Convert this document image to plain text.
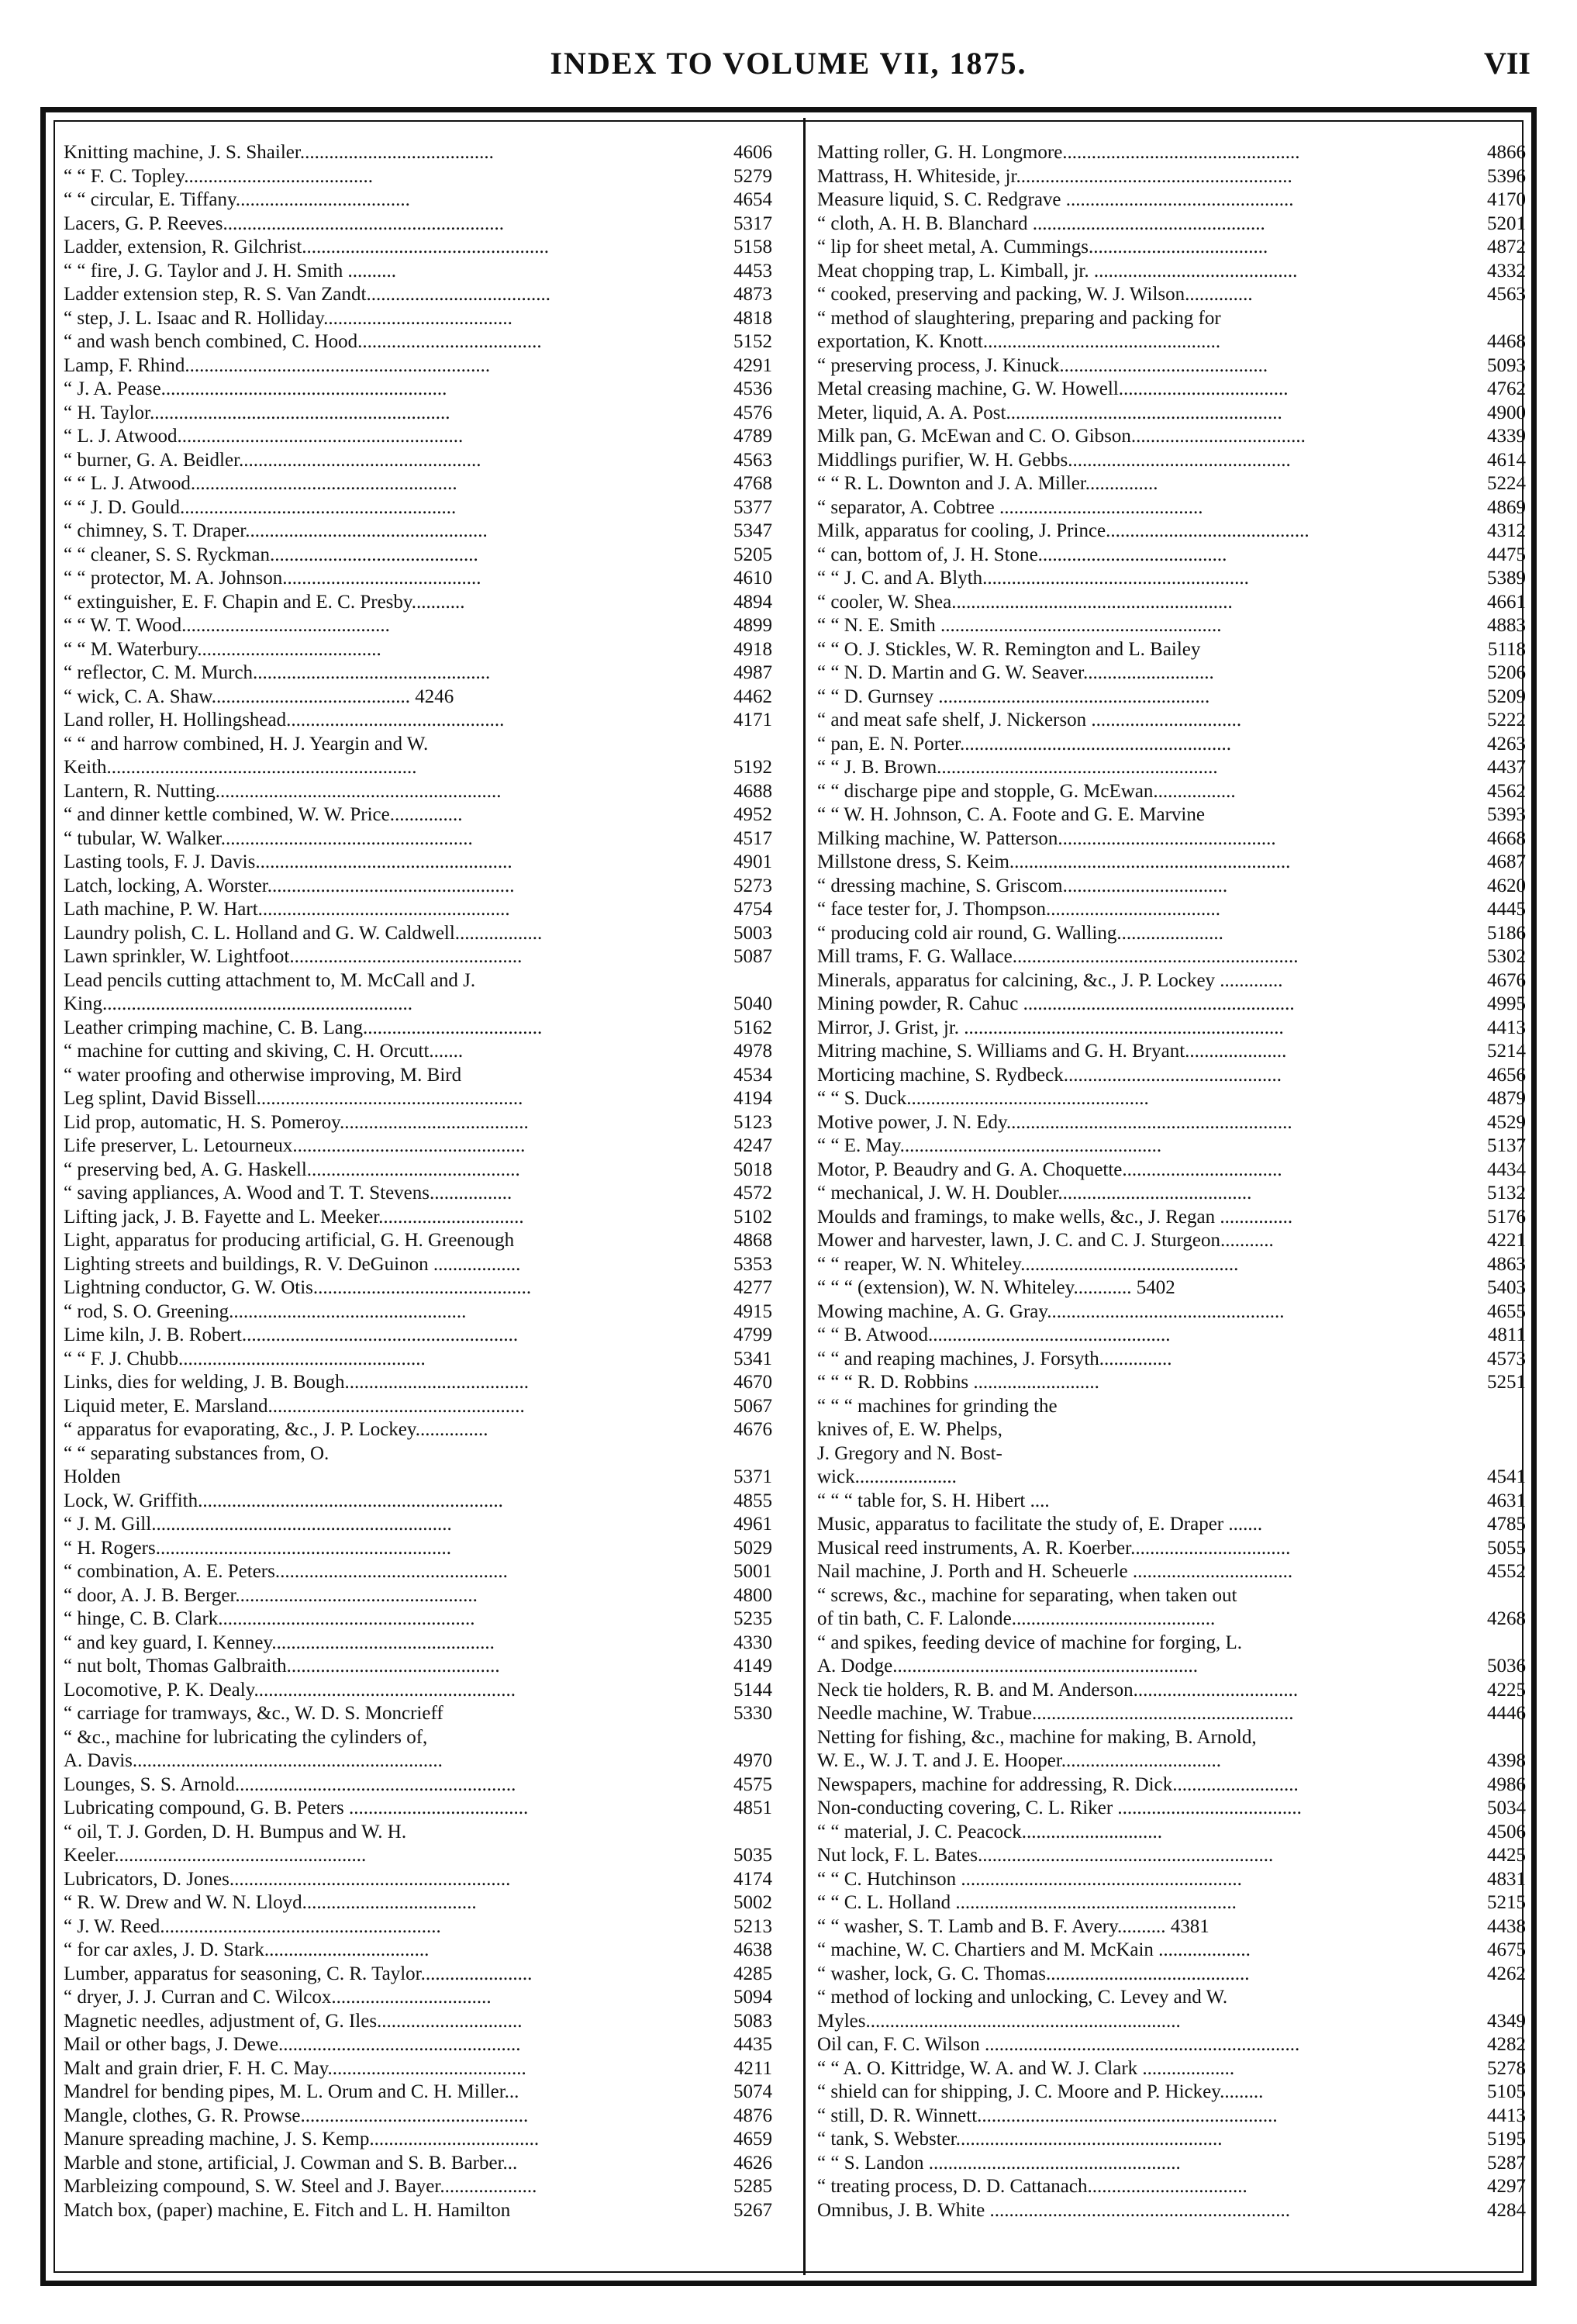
INDEX TO VOLUME VII, 1875.	VII
Knitting machine, J. S. Shailer........................................	4606
“ “ F. C. Topley.......................................	5279
“ “ circular, E. Tiffany....................................	4654
Lacers, G. P. Reeves..........................................................	5317
Ladder, extension, R. Gilchrist...................................................	5158
“ “ fire, J. G. Taylor and J. H. Smith ..........	4453
Ladder extension step, R. S. Van Zandt......................................	4873
“ step, J. L. Isaac and R. Holliday.......................................	4818
“ and wash bench combined, C. Hood......................................	5152
Lamp, F. Rhind...............................................................	4291
“ J. A. Pease...........................................................	4536
“ H. Taylor..............................................................	4576
“ L. J. Atwood...........................................................	4789
“ burner, G. A. Beidler..................................................	4563
“ “ L. J. Atwood.......................................................	4768
“ “ J. D. Gould.........................................................	5377
“ chimney, S. T. Draper..................................................	5347
“ “ cleaner, S. S. Ryckman...........................................	5205
“ “ protector, M. A. Johnson.........................................	4610
“ extinguisher, E. F. Chapin and E. C. Presby...........	4894
“ “ W. T. Wood...........................................	4899
“ “ M. Waterbury......................................	4918
“ reflector, C. M. Murch.................................................	4987
“ wick, C. A. Shaw......................................... 4246	4462
Land roller, H. Hollingshead.............................................	4171
“ “ and harrow combined, H. J. Yeargin and W.
Keith................................................................	5192
Lantern, R. Nutting...........................................................	4688
“ and dinner kettle combined, W. W. Price...............	4952
“ tubular, W. Walker....................................................	4517
Lasting tools, F. J. Davis.....................................................	4901
Latch, locking, A. Worster...................................................	5273
Lath machine, P. W. Hart....................................................	4754
Laundry polish, C. L. Holland and G. W. Caldwell..................	5003
Lawn sprinkler, W. Lightfoot................................................	5087
Lead pencils cutting attachment to, M. McCall and J.
King................................................................	5040
Leather crimping machine, C. B. Lang.....................................	5162
“ machine for cutting and skiving, C. H. Orcutt.......	4978
“ water proofing and otherwise improving, M. Bird	4534
Leg splint, David Bissell.......................................................	4194
Lid prop, automatic, H. S. Pomeroy.......................................	5123
Life preserver, L. Letourneux................................................	4247
“ preserving bed, A. G. Haskell............................................	5018
“ saving appliances, A. Wood and T. T. Stevens.................	4572
Lifting jack, J. B. Fayette and L. Meeker..............................	5102
Light, apparatus for producing artificial, G. H. Greenough	4868
Lighting streets and buildings, R. V. DeGuinon ..................	5353
Lightning conductor, G. W. Otis.............................................	4277
“ rod, S. O. Greening.................................................	4915
Lime kiln, J. B. Robert.........................................................	4799
“ “ F. J. Chubb...................................................	5341
Links, dies for welding, J. B. Bough......................................	4670
Liquid meter, E. Marsland.....................................................	5067
“ apparatus for evaporating, &c., J. P. Lockey...............	4676
“ “ separating substances from, O.
Holden	5371
Lock, W. Griffith...............................................................	4855
“ J. M. Gill..............................................................	4961
“ H. Rogers.............................................................	5029
“ combination, A. E. Peters................................................	5001
“ door, A. J. B. Berger..................................................	4800
“ hinge, C. B. Clark.....................................................	5235
“ and key guard, I. Kenney..............................................	4330
“ nut bolt, Thomas Galbraith............................................	4149
Locomotive, P. K. Dealy......................................................	5144
“ carriage for tramways, &c., W. D. S. Moncrieff	5330
“ &c., machine for lubricating the cylinders of,
A. Davis................................................................	4970
Lounges, S. S. Arnold..........................................................	4575
Lubricating compound, G. B. Peters .....................................	4851
“ oil, T. J. Gorden, D. H. Bumpus and W. H.
Keeler....................................................	5035
Lubricators, D. Jones..........................................................	4174
“ R. W. Drew and W. N. Lloyd....................................	5002
“ J. W. Reed..........................................................	5213
“ for car axles, J. D. Stark..................................	4638
Lumber, apparatus for seasoning, C. R. Taylor.......................	4285
“ dryer, J. J. Curran and C. Wilcox.................................	5094
Magnetic needles, adjustment of, G. Iles..............................	5083
Mail or other bags, J. Dewe..................................................	4435
Malt and grain drier, F. H. C. May.........................................	4211
Mandrel for bending pipes, M. L. Orum and C. H. Miller...	5074
Mangle, clothes, G. R. Prowse...............................................	4876
Manure spreading machine, J. S. Kemp...................................	4659
Marble and stone, artificial, J. Cowman and S. B. Barber...	4626
Marbleizing compound, S. W. Steel and J. Bayer....................	5285
Match box, (paper) machine, E. Fitch and L. H. Hamilton	5267
Matting roller, G. H. Longmore.................................................	4866
Mattrass, H. Whiteside, jr.........................................................	5396
Measure liquid, S. C. Redgrave ...............................................	4170
“ cloth, A. H. B. Blanchard ................................................	5201
“ lip for sheet metal, A. Cummings.....................................	4872
Meat chopping trap, L. Kimball, jr. ..........................................	4332
“ cooked, preserving and packing, W. J. Wilson..............	4563
“ method of slaughtering, preparing and packing for
exportation, K. Knott.................................................	4468
“ preserving process, J. Kinuck...........................................	5093
Metal creasing machine, G. W. Howell...................................	4762
Meter, liquid, A. A. Post.........................................................	4900
Milk pan, G. McEwan and C. O. Gibson....................................	4339
Middlings purifier, W. H. Gebbs..............................................	4614
“ “ R. L. Downton and J. A. Miller...............	5224
“ separator, A. Cobtree ..........................................	4869
Milk, apparatus for cooling, J. Prince..........................................	4312
“ can, bottom of, J. H. Stone.......................................	4475
“ “ J. C. and A. Blyth.......................................................	5389
“ cooler, W. Shea..........................................................	4661
“ “ N. E. Smith ..........................................................	4883
“ “ O. J. Stickles, W. R. Remington and L. Bailey	5118
“ “ N. D. Martin and G. W. Seaver...........................	5206
“ “ D. Gurnsey ........................................................	5209
“ and meat safe shelf, J. Nickerson ...............................	5222
“ pan, E. N. Porter........................................................	4263
“ “ J. B. Brown..........................................................	4437
“ “ discharge pipe and stopple, G. McEwan.................	4562
“ “ W. H. Johnson, C. A. Foote and G. E. Marvine	5393
Milking machine, W. Patterson.............................................	4668
Millstone dress, S. Keim..........................................................	4687
“ dressing machine, S. Griscom..................................	4620
“ face tester for, J. Thompson....................................	4445
“ producing cold air round, G. Walling......................	5186
Mill trams, F. G. Wallace...........................................................	5302
Minerals, apparatus for calcining, &c., J. P. Lockey .............	4676
Mining powder, R. Cahuc ........................................................	4995
Mirror, J. Grist, jr. ..................................................................	4413
Mitring machine, S. Williams and G. H. Bryant.....................	5214
Morticing machine, S. Rydbeck.............................................	4656
“ “ S. Duck..................................................	4879
Motive power, J. N. Edy...........................................................	4529
“ “ E. May......................................................	5137
Motor, P. Beaudry and G. A. Choquette.................................	4434
“ mechanical, J. W. H. Doubler........................................	5132
Moulds and framings, to make wells, &c., J. Regan ...............	5176
Mower and harvester, lawn, J. C. and C. J. Sturgeon...........	4221
“ “ reaper, W. N. Whiteley.............................................	4863
“ “ “ (extension), W. N. Whiteley............ 5402	5403
Mowing machine, A. G. Gray.................................................	4655
“ “ B. Atwood..................................................	4811
“ “ and reaping machines, J. Forsyth...............	4573
“ “ “ R. D. Robbins ..........................	5251
“ “ “ machines for grinding the
knives of, E. W. Phelps,
J. Gregory and N. Bost-
wick.....................	4541
“ “ “ table for, S. H. Hibert ....	4631
Music, apparatus to facilitate the study of, E. Draper .......	4785
Musical reed instruments, A. R. Koerber.................................	5055
Nail machine, J. Porth and H. Scheuerle .................................	4552
“ screws, &c., machine for separating, when taken out
of tin bath, C. F. Lalonde..........................................	4268
“ and spikes, feeding device of machine for forging, L.
A. Dodge...............................................................	5036
Neck tie holders, R. B. and M. Anderson..................................	4225
Needle machine, W. Trabue......................................................	4446
Netting for fishing, &c., machine for making, B. Arnold,
W. E., W. J. T. and J. E. Hooper.................................	4398
Newspapers, machine for addressing, R. Dick..........................	4986
Non-conducting covering, C. L. Riker ......................................	5034
“ “ material, J. C. Peacock.............................	4506
Nut lock, F. L. Bates.............................................................	4425
“ “ C. Hutchinson ..........................................................	4831
“ “ C. L. Holland ..........................................................	5215
“ “ washer, S. T. Lamb and B. F. Avery.......... 4381	4438
“ machine, W. C. Chartiers and M. McKain ...................	4675
“ washer, lock, G. C. Thomas..........................................	4262
“ method of locking and unlocking, C. Levey and W.
Myles.................................................................	4349
Oil can, F. C. Wilson .................................................................	4282
“ “ A. O. Kittridge, W. A. and W. J. Clark ...................	5278
“ shield can for shipping, J. C. Moore and P. Hickey.........	5105
“ still, D. R. Winnett..............................................................	4413
“ tank, S. Webster.......................................................	5195
“ “ S. Landon ....................................................	5287
“ treating process, D. D. Cattanach.................................	4297
Omnibus, J. B. White ..............................................................	4284
